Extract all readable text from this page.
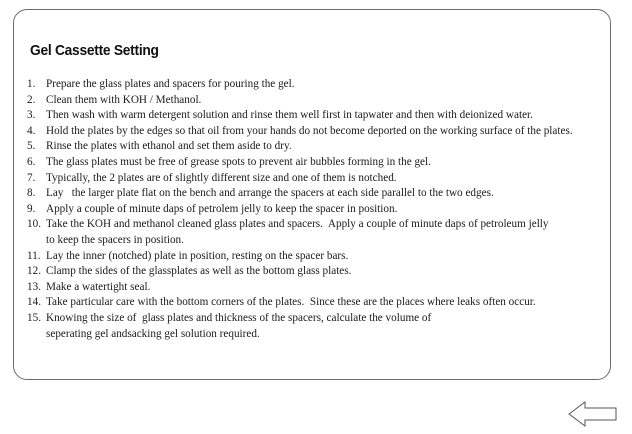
Gel Cassette Setting
1. Prepare the glass plates and spacers for pouring the gel.
2. Clean them with KOH / Methanol.
3. Then wash with warm detergent solution and rinse them well first in tapwater and then with deionized water.
4. Hold the plates by the edges so that oil from your hands do not become deported on the working surface of the plates.
5. Rinse the plates with ethanol and set them aside to dry.
6. The glass plates must be free of grease spots to prevent air bubbles forming in the gel.
7. Typically, the 2 plates are of slightly different size and one of them is notched.
8. Lay   the larger plate flat on the bench and arrange the spacers at each side parallel to the two edges.
9. Apply a couple of minute daps of petrolem jelly to keep the spacer in position.
10. Take the KOH and methanol cleaned glass plates and spacers.  Apply a couple of minute daps of petroleum jelly
to keep the spacers in position.
11. Lay the inner (notched) plate in position, resting on the spacer bars.
12. Clamp the sides of the glassplates as well as the bottom glass plates.
13. Make a watertight seal.
14. Take particular care with the bottom corners of the plates.  Since these are the places where leaks often occur.
15. Knowing the size of  glass plates and thickness of the spacers, calculate the volume of
seperating gel andsacking gel solution required.
